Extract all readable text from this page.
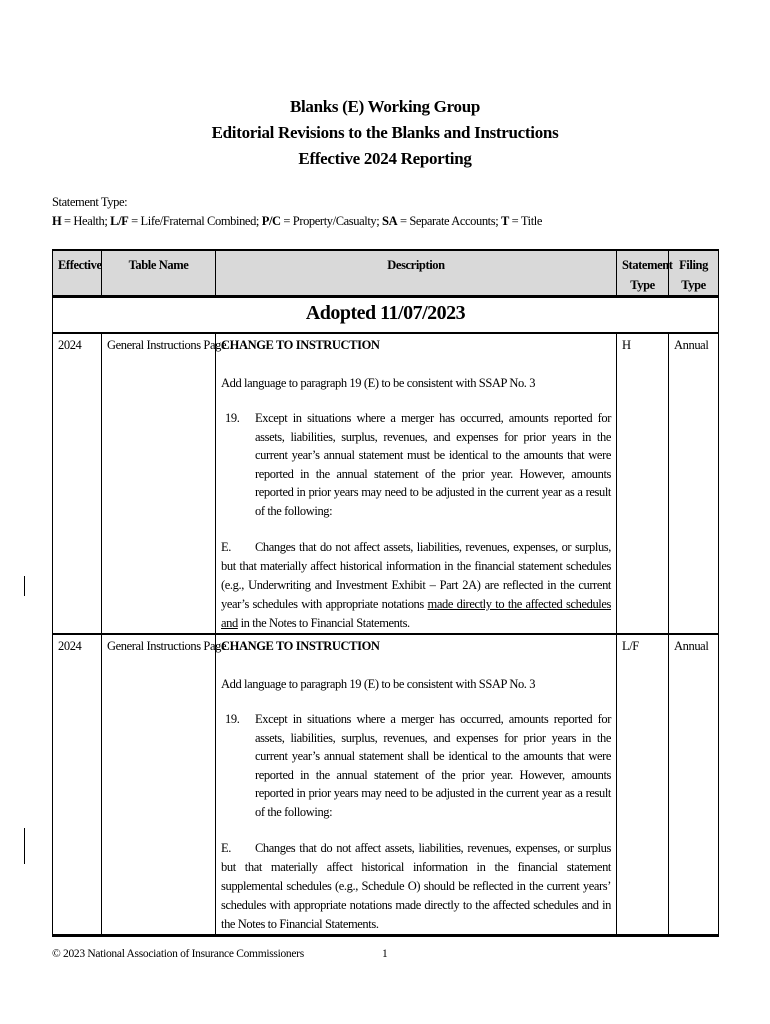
Blanks (E) Working Group
Editorial Revisions to the Blanks and Instructions
Effective 2024 Reporting
Statement Type:
H = Health; L/F = Life/Fraternal Combined; P/C = Property/Casualty; SA = Separate Accounts; T = Title
Effective	Table Name	Description	Statement Type	Filing Type
Adopted 11/07/2023				
2024	General Instructions Page	CHANGE TO INSTRUCTION

Add language to paragraph 19 (E) to be consistent with SSAP No. 3

19. Except in situations where a merger has occurred, amounts reported for assets, liabilities, surplus, revenues, and expenses for prior years in the current year’s annual statement must be identical to the amounts that were reported in the annual statement of the prior year. However, amounts reported in prior years may need to be adjusted in the current year as a result of the following:

E. Changes that do not affect assets, liabilities, revenues, expenses, or surplus, but that materially affect historical information in the financial statement schedules (e.g., Underwriting and Investment Exhibit – Part 2A) are reflected in the current year’s schedules with appropriate notations made directly to the affected schedules and in the Notes to Financial Statements.	H	Annual
2024	General Instructions Page	CHANGE TO INSTRUCTION

Add language to paragraph 19 (E) to be consistent with SSAP No. 3

19. Except in situations where a merger has occurred, amounts reported for assets, liabilities, surplus, revenues, and expenses for prior years in the current year’s annual statement shall be identical to the amounts that were reported in the annual statement of the prior year. However, amounts reported in prior years may need to be adjusted in the current year as a result of the following:

E. Changes that do not affect assets, liabilities, revenues, expenses, or surplus but that materially affect historical information in the financial statement supplemental schedules (e.g., Schedule O) should be reflected in the current years’ schedules with appropriate notations made directly to the affected schedules and in the Notes to Financial Statements.	L/F	Annual
© 2023 National Association of Insurance Commissioners	1
